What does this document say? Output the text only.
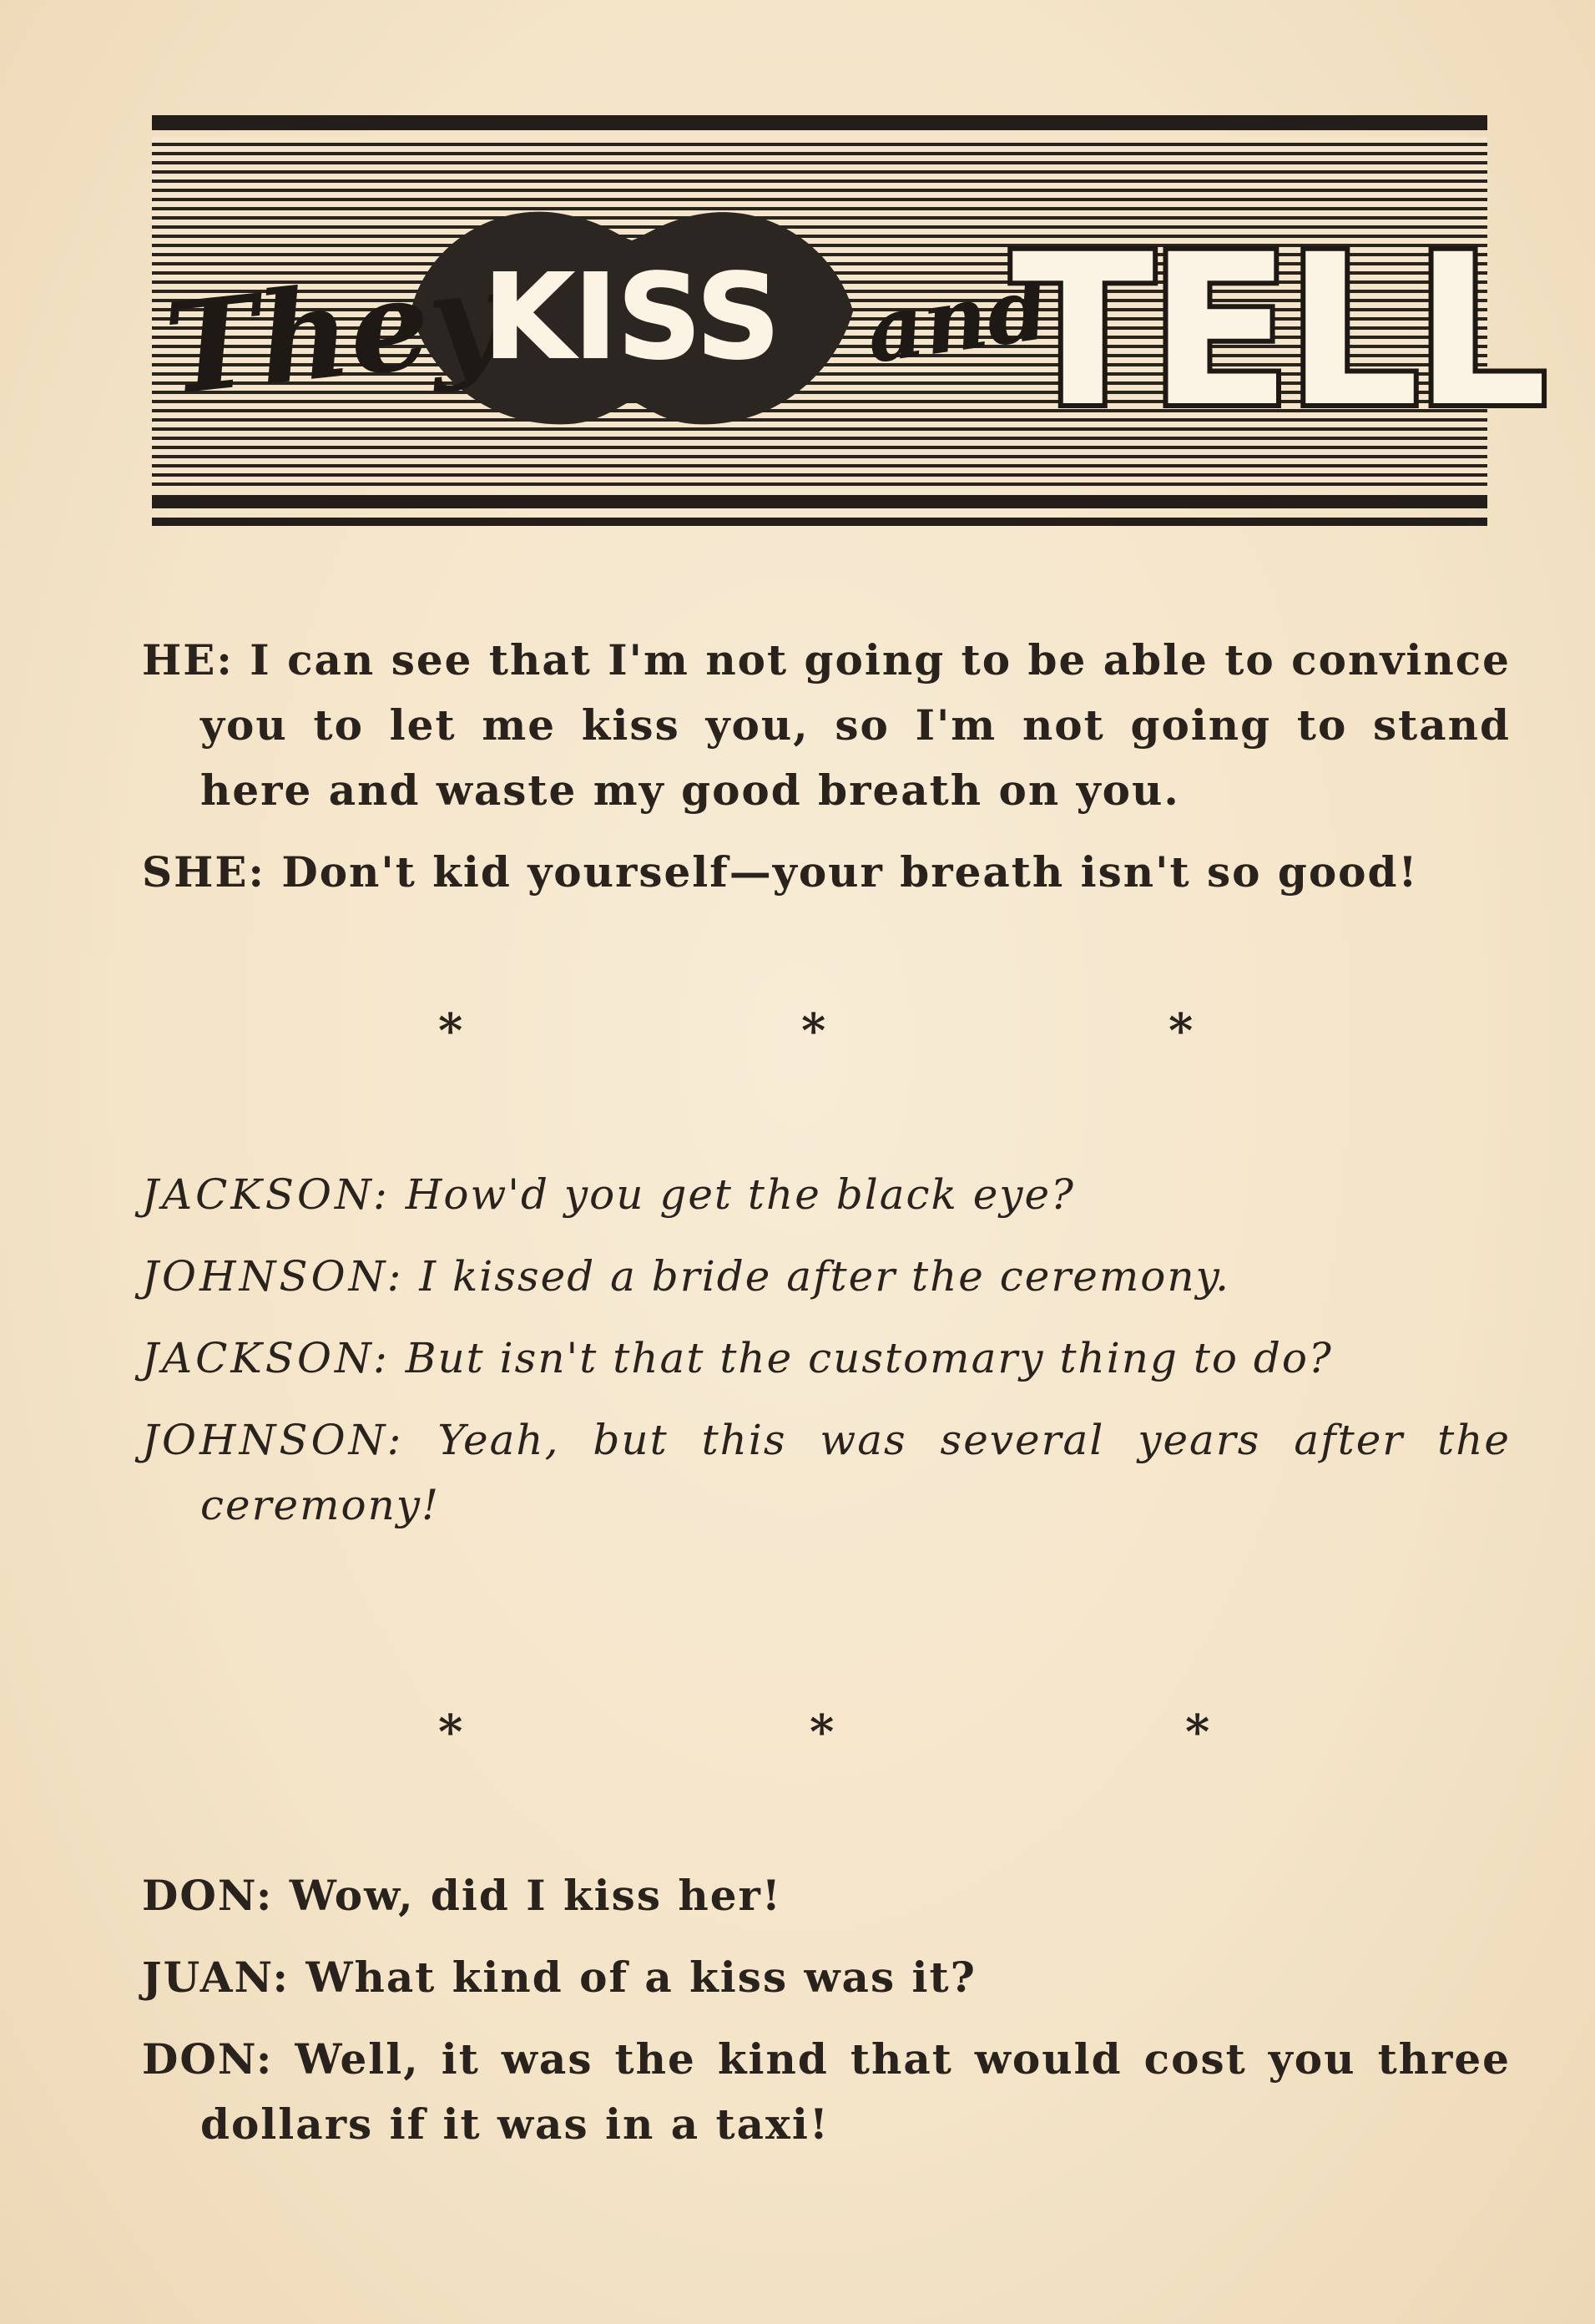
They
KISS and
TELL

HE: I can see that I'm not going to be able to convince you to let me kiss you, so I'm not going to stand here and waste my good breath on you.

SHE: Don't kid yourself—your breath isn't so good!

*	*	*

JACKSON: How'd you get the black eye?

JOHNSON: I kissed a bride after the ceremony.

JACKSON: But isn't that the customary thing to do?

JOHNSON: Yeah, but this was several years after the ceremony!

*	*	*

DON: Wow, did I kiss her!

JUAN: What kind of a kiss was it?

DON: Well, it was the kind that would cost you three dollars if it was in a taxi!
